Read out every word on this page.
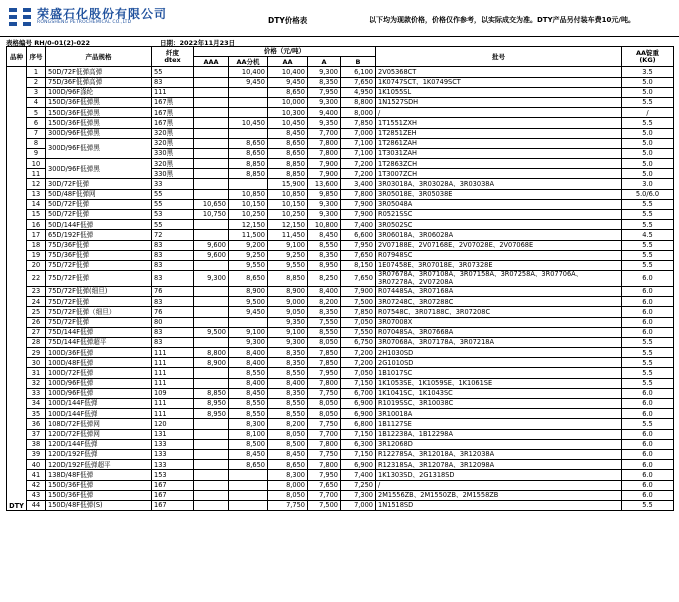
荣盛石化股份有限公司
RONGSHENG PETROCHEMICAL CO.,LTD	DTY价格表	以下均为现款价格，价格仅作参考，以实际成交为准。DTY产品另付装车费10元/吨。
表格编号 RH/0-01(2)-022	日期：2022年11月23日
品种	序号	产品规格	纤度
dtex	价格（元/吨）					批号	AA锭重
(KG)
				AAA	AA分机	AA	A	B		
DTY	1	50D/72F低弹高弹	55		10,400	10,400	9,300	6,100	2V05368CT	3.5
	2	75D/36F低弹高弹	83		9,450	9,450	8,350	7,650	1K0747SCT、1K0749SCT	5.0
	3	100D/96F涤纶	111			8,650	7,950	4,950	1K1055SL	5.0
	4	150D/36F低弹黑	167黑			10,000	9,300	8,800	1N1527SDH	5.5
	5	150D/36F低弹黑	167黑			10,300	9,400	8,000	/	/
	6	150D/36F低弹黑	167黑		10,450	10,450	9,350	7,850	1T1551ZXH	5.5
	7	300D/96F低弹黑	320黑			8,450	7,700	7,000	1T2851ZEH	5.0
	8	300D/96F低弹黑	320黑		8,650	8,650	7,800	7,100	1T2861ZAH	5.0
	9		330黑		8,650	8,650	7,800	7,100	1T3031ZAH	5.0
	10	300D/96F低弹黑	320黑		8,850	8,850	7,900	7,200	1T2863ZCH	5.0
	11		330黑		8,850	8,850	7,900	7,200	1T3007ZCH	5.0
	12	30D/72F低弹	33			15,900	13,600	3,400	3R03018A、3R03028A、3R03038A	3.0
	13	50D/48F低弹网	55		10,850	10,850	9,850	7,800	3R05018E、3R05038E	5.0/6.0
	14	50D/72F低弹	55	10,650	10,150	10,150	9,300	7,900	3R05048A	5.5
	15	50D/72F低弹	53	10,750	10,250	10,250	9,300	7,900	R0521SSC	5.5
	16	50D/144F低弹	55		12,150	12,150	10,800	7,400	3R0502SC	5.5
	17	65D/192F低弹	72		11,500	11,450	8,450	6,600	3R06018A、3R06028A	4.5
	18	75D/36F低弹	83	9,600	9,200	9,100	8,550	7,950	2V07188E、2V07168E、2V07028E、2V07068E	5.5
	19	75D/36F低弹	83	9,600	9,250	9,250	8,350	7,650	R07948SC	5.5
	20	75D/72F低弹	83		9,550	9,550	8,950	8,150	1E07458E、3R07018E、3R07328E	5.5
	22	75D/72F低弹	83	9,300	8,650	8,850	8,250	7,650	3R07678A、3R07108A、3R07158A、3R07258A、3R07706A、3R07278A、2V07208A	6.0
	23	75D/72F低弹(细旦)	76		8,900	8,900	8,400	7,900	R07448SA、3R07168A	6.0
	24	75D/72F低弹	83		9,500	9,000	8,200	7,500	3R07248C、3R07288C	6.0
	25	75D/72F低弹（细旦）	76		9,450	9,050	8,350	7,850	R07548C、3R07188C、3R07208C	6.0
	26	75D/72F低弹	80			9,350	7,550	7,050	3R07008X	6.0
	27	75D/144F低弹	83	9,500	9,100	9,100	8,550	7,550	R07048SA、3R07668A	6.0
	28	75D/144F低弹超平	83		9,300	9,300	8,050	6,750	3R07068A、3R07178A、3R07218A	5.5
	29	100D/36F低弹	111	8,800	8,400	8,350	7,850	7,200	2H1030SD	5.5
	30	100D/48F低弹	111	8,900	8,400	8,350	7,850	7,200	2G1010SD	5.5
	31	100D/72F低弹	111		8,550	8,550	7,950	7,050	1B1017SC	5.5
	32	100D/96F低弹	111		8,400	8,400	7,800	7,150	1K1053SE、1K1059SE、1K1061SE	5.5
	33	100D/96F低弹	109	8,850	8,450	8,350	7,750	6,700	1K1041SC、1K1043SC	6.0
	34	100D/144F低弹	111	8,950	8,550	8,550	8,050	6,900	R1019SSC、3R10038C	6.0
	35	100D/144F低弹	111	8,950	8,550	8,550	8,050	6,900	3R10018A	6.0
	36	108D/72F低弹网	120		8,300	8,200	7,750	6,800	1B1127SE	5.5
	37	120D/72F低弹网	131		8,100	8,050	7,700	7,150	1B12238A、1B12298A	6.0
	38	120D/144F低弹	133		8,500	8,500	7,800	6,300	3R12068D	6.0
	39	120D/192F低弹	133		8,450	8,450	7,750	7,150	R12278SA、3R12018A、3R12038A	6.0
	40	120D/192F低弹超平	133		8,650	8,650	7,800	6,900	R12318SA、3R12078A、3R12098A	6.0
	41	138D/48F低弹	153			8,300	7,950	7,400	1K1303SD、2G1318SD	6.0
	42	150D/36F低弹	167			8,000	7,650	7,250	/	6.0
	43	150D/36F低弹	167			8,050	7,700	7,300	2M1556ZB、2M1550ZB、2M1558ZB	6.0
	44	150D/48F低弹(S)	167			7,750	7,500	7,000	1N1518SD	5.5
